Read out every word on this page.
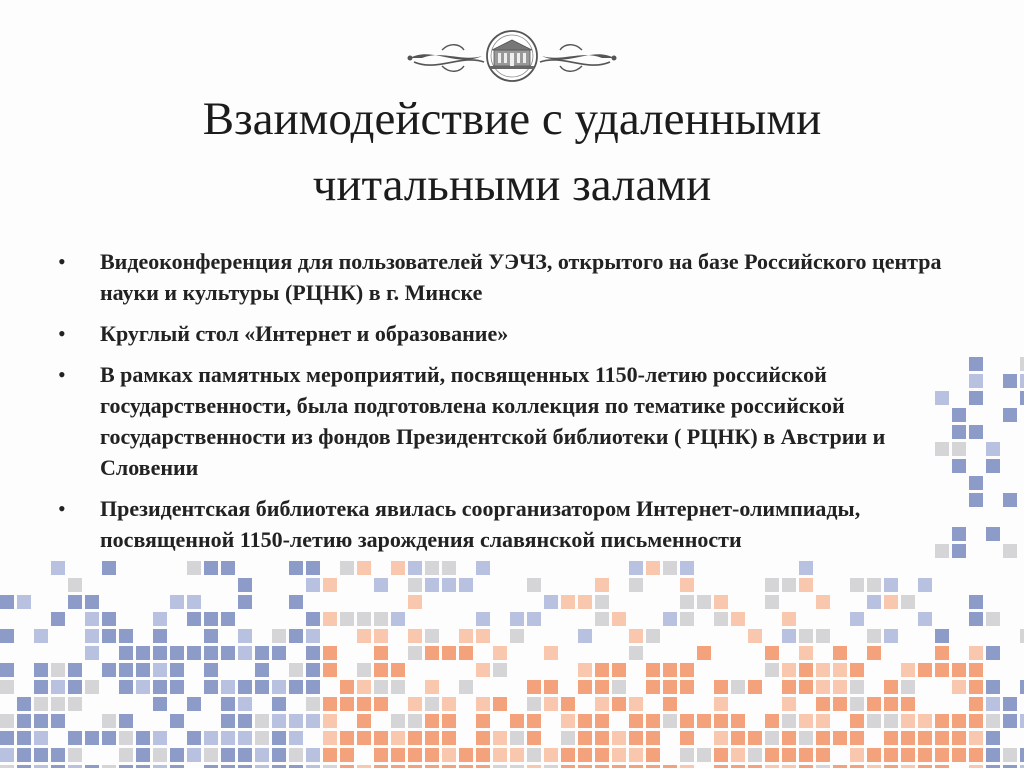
Взаимодействие с удаленными
читальными залами
• Видеоконференция для пользователей УЭЧЗ, открытого на базе Российского центра науки и культуры (РЦНК) в г. Минске
• Круглый стол «Интернет и образование»
• В рамках памятных мероприятий, посвященных 1150-летию российской государственности, была подготовлена коллекция по тематике российской государственности из фондов Президентской библиотеки ( РЦНК) в Австрии и Словении
• Президентская библиотека явилась соорганизатором Интернет-олимпиады, посвященной 1150-летию зарождения славянской письменности
